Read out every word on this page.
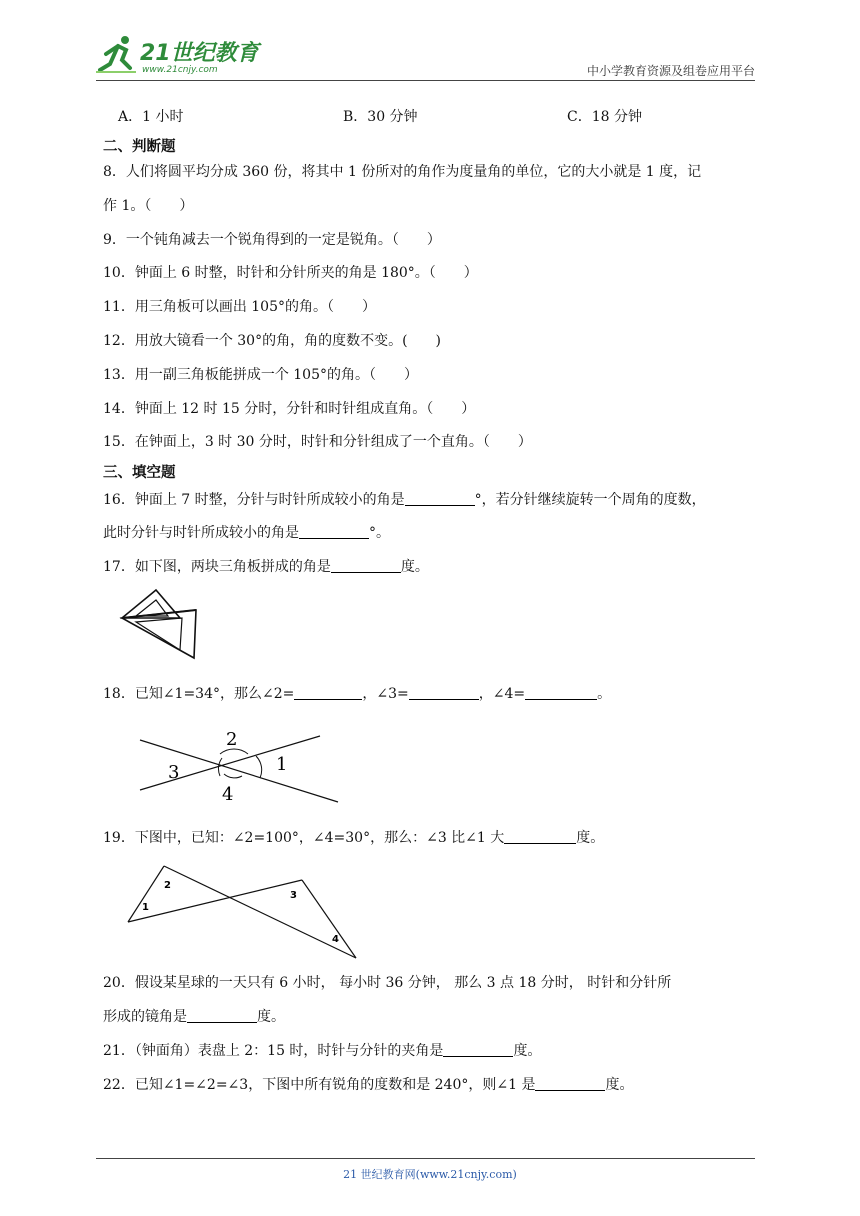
21世纪教育
www.21cnjy.com	中小学教育资源及组卷应用平台
A．1 小时	B．30 分钟	C．18 分钟
二、判断题
8．人们将圆平均分成 360 份，将其中 1 份所对的角作为度量角的单位，它的大小就是 1 度，记
作 1。（　　）
9．一个钝角减去一个锐角得到的一定是锐角。（　　）
10．钟面上 6 时整，时针和分针所夹的角是 180°。（　　）
11．用三角板可以画出 105°的角。（　　）
12．用放大镜看一个 30°的角，角的度数不变。(　　)
13．用一副三角板能拼成一个 105°的角。（　　）
14．钟面上 12 时 15 分时，分针和时针组成直角。（　　）
15．在钟面上，3 时 30 分时，时针和分针组成了一个直角。（　　）
三、填空题
16．钟面上 7 时整，分针与时针所成较小的角是	°，若分针继续旋转一个周角的度数，
此时分针与时针所成较小的角是	°。
17．如下图，两块三角板拼成的角是	度。
18．已知∠1=34°，那么∠2=	，∠3=	，∠4=	。
2
3	1
4
19．下图中，已知：∠2=100°，∠4=30°，那么：∠3 比∠1 大	度。
2
1
3
4
20．假设某星球的一天只有 6 小时， 每小时 36 分钟， 那么 3 点 18 分时， 时针和分针所
形成的镜角是	度。
21．（钟面角）表盘上 2：15 时，时针与分针的夹角是	度。
22．已知∠1=∠2=∠3，下图中所有锐角的度数和是 240°，则∠1 是	度。
21 世纪教育网(www.21cnjy.com)
